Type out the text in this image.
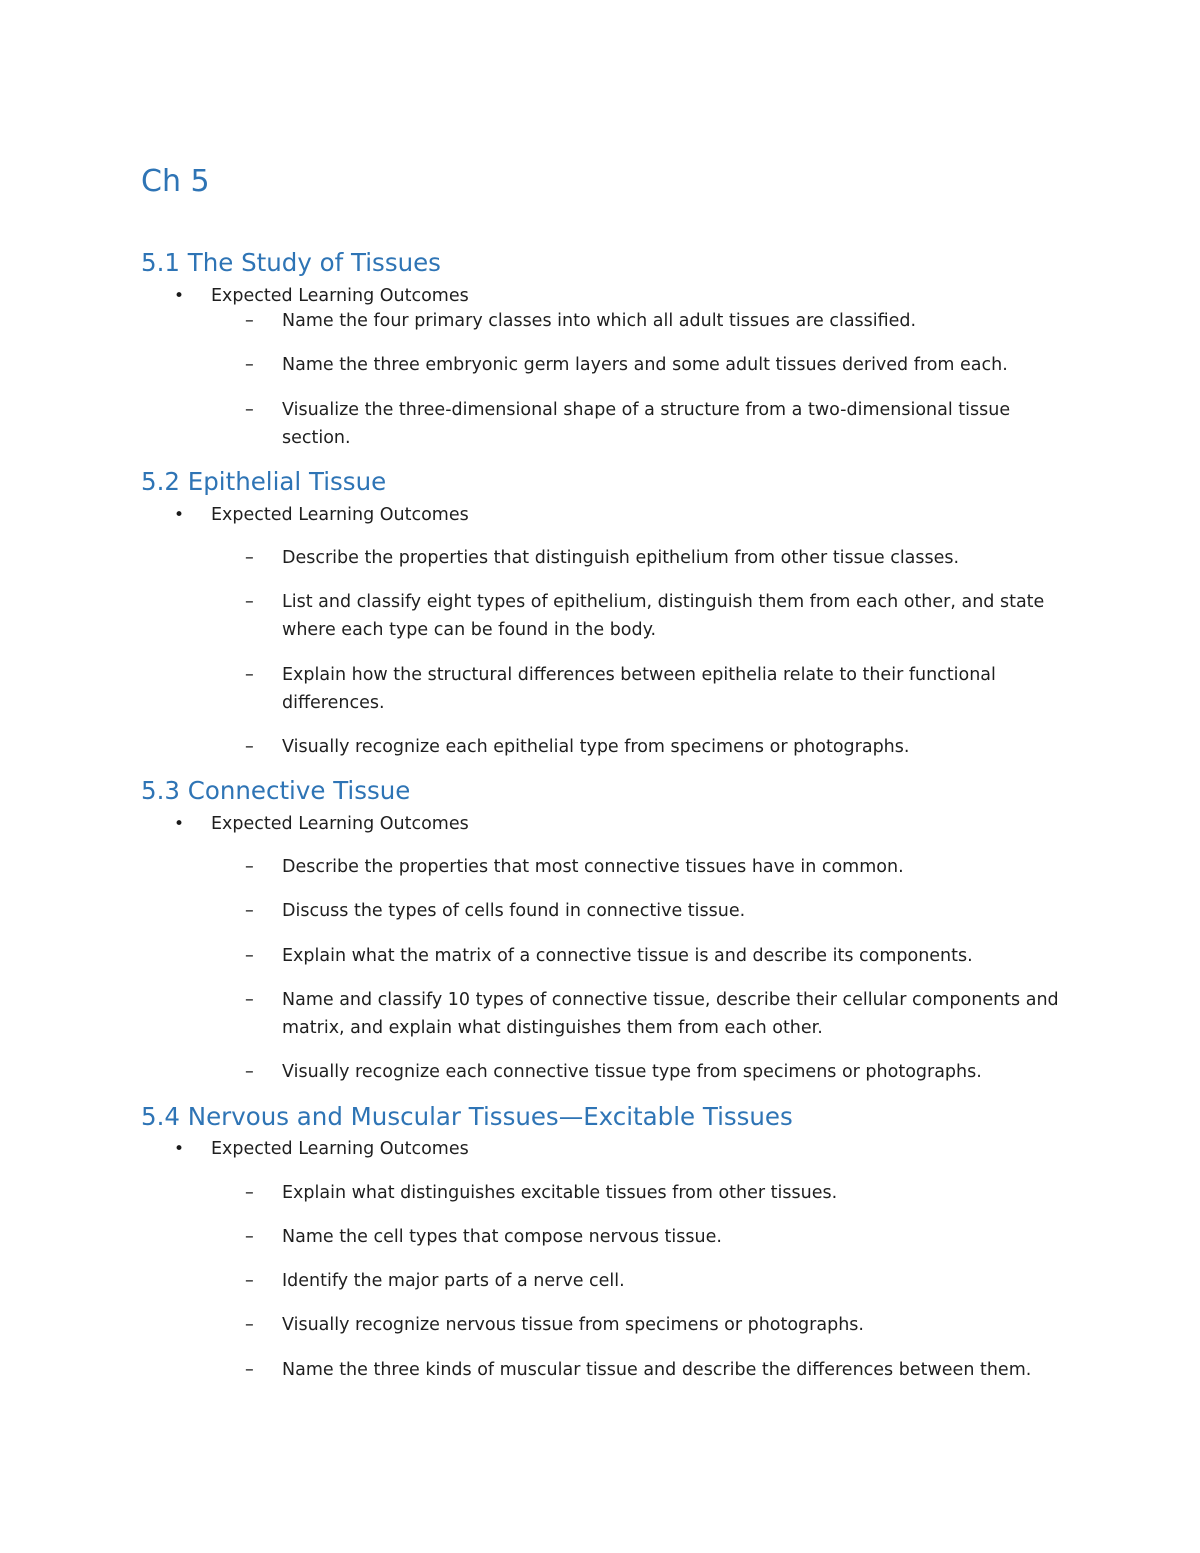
Ch 5
5.1 The Study of Tissues
• Expected Learning Outcomes
– Name the four primary classes into which all adult tissues are classified.
– Name the three embryonic germ layers and some adult tissues derived from each.
– Visualize the three-dimensional shape of a structure from a two-dimensional tissue section.
5.2 Epithelial Tissue
• Expected Learning Outcomes
– Describe the properties that distinguish epithelium from other tissue classes.
– List and classify eight types of epithelium, distinguish them from each other, and state where each type can be found in the body.
– Explain how the structural differences between epithelia relate to their functional differences.
– Visually recognize each epithelial type from specimens or photographs.
5.3 Connective Tissue
• Expected Learning Outcomes
– Describe the properties that most connective tissues have in common.
– Discuss the types of cells found in connective tissue.
– Explain what the matrix of a connective tissue is and describe its components.
– Name and classify 10 types of connective tissue, describe their cellular components and matrix, and explain what distinguishes them from each other.
– Visually recognize each connective tissue type from specimens or photographs.
5.4 Nervous and Muscular Tissues—Excitable Tissues
• Expected Learning Outcomes
– Explain what distinguishes excitable tissues from other tissues.
– Name the cell types that compose nervous tissue.
– Identify the major parts of a nerve cell.
– Visually recognize nervous tissue from specimens or photographs.
– Name the three kinds of muscular tissue and describe the differences between them.
